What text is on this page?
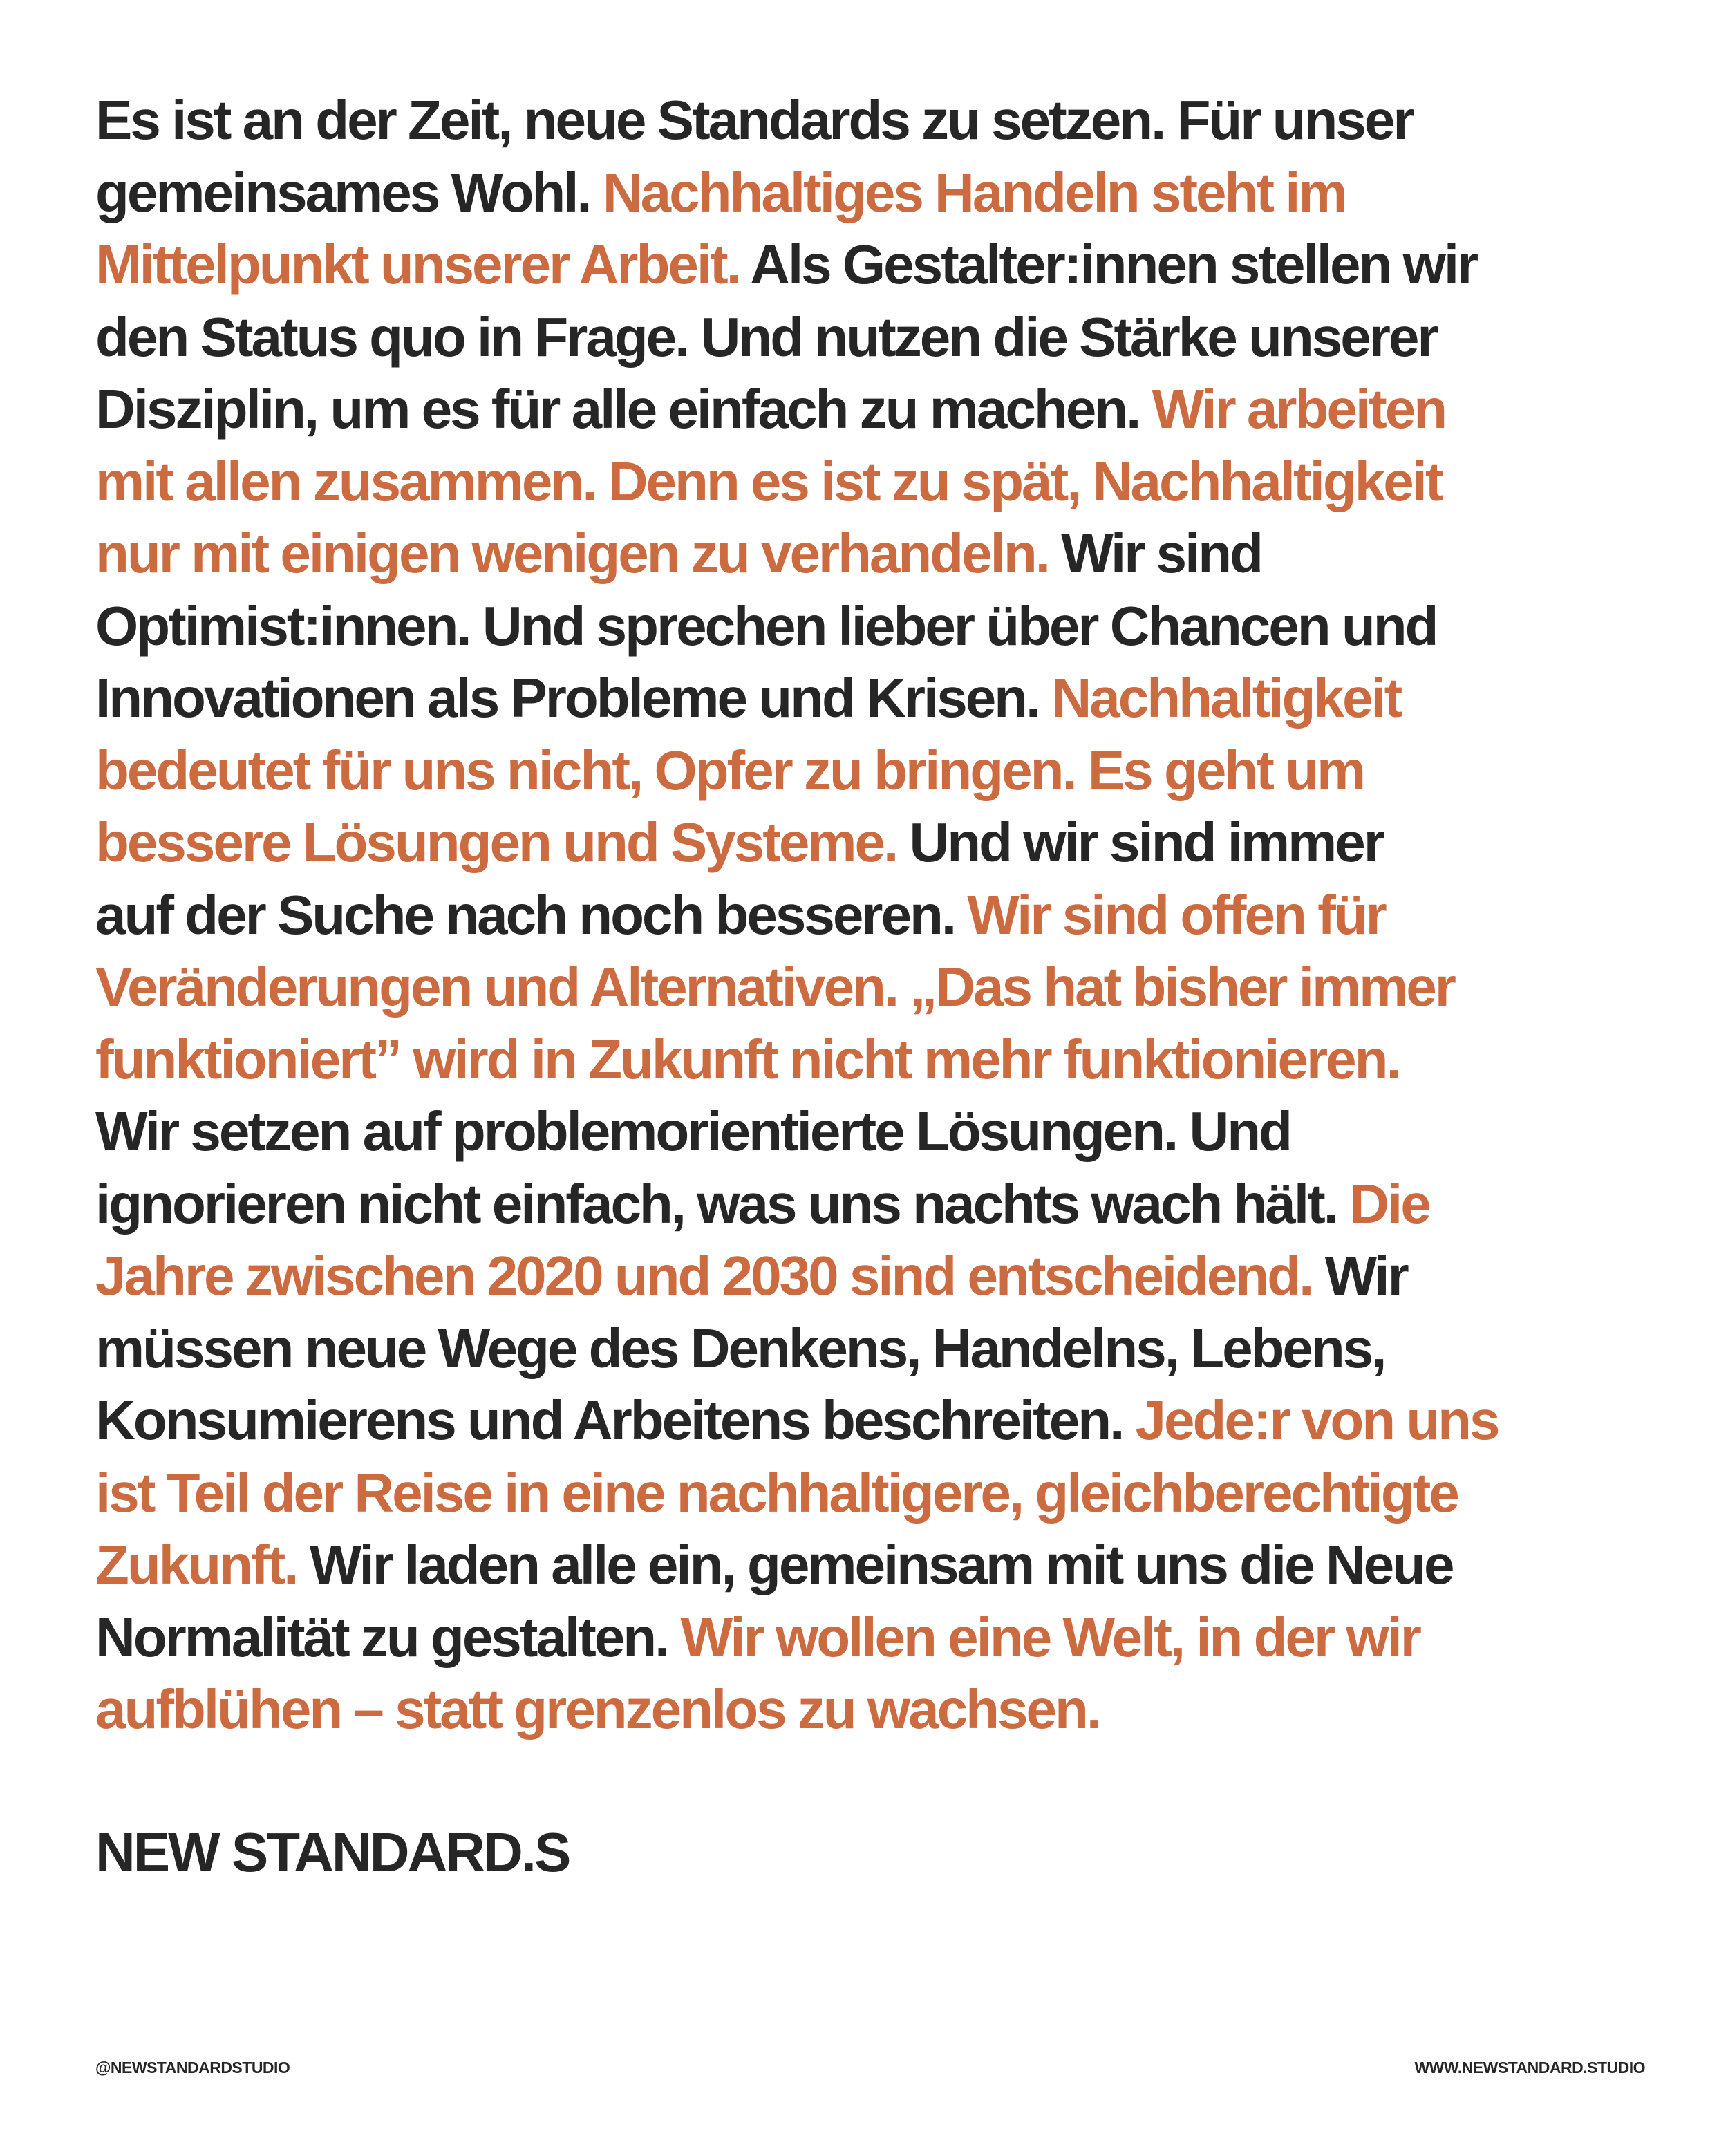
Es ist an der Zeit, neue Standards zu setzen. Für unser
gemeinsames Wohl. Nachhaltiges Handeln steht im
Mittelpunkt unserer Arbeit. Als Gestalter:innen stellen wir
den Status quo in Frage. Und nutzen die Stärke unserer
Disziplin, um es für alle einfach zu machen. Wir arbeiten
mit allen zusammen. Denn es ist zu spät, Nachhaltigkeit
nur mit einigen wenigen zu verhandeln. Wir sind
Optimist:innen. Und sprechen lieber über Chancen und
Innovationen als Probleme und Krisen. Nachhaltigkeit
bedeutet für uns nicht, Opfer zu bringen. Es geht um
bessere Lösungen und Systeme. Und wir sind immer
auf der Suche nach noch besseren. Wir sind offen für
Veränderungen und Alternativen. „Das hat bisher immer
funktioniert” wird in Zukunft nicht mehr funktionieren.
Wir setzen auf problemorientierte Lösungen. Und
ignorieren nicht einfach, was uns nachts wach hält. Die
Jahre zwischen 2020 und 2030 sind entscheidend. Wir
müssen neue Wege des Denkens, Handelns, Lebens,
Konsumierens und Arbeitens beschreiten. Jede:r von uns
ist Teil der Reise in eine nachhaltigere, gleichberechtigte
Zukunft. Wir laden alle ein, gemeinsam mit uns die Neue
Normalität zu gestalten. Wir wollen eine Welt, in der wir
aufblühen – statt grenzenlos zu wachsen.
NEW STANDARD.S
@NEWSTANDARDSTUDIO	WWW.NEWSTANDARD.STUDIO
